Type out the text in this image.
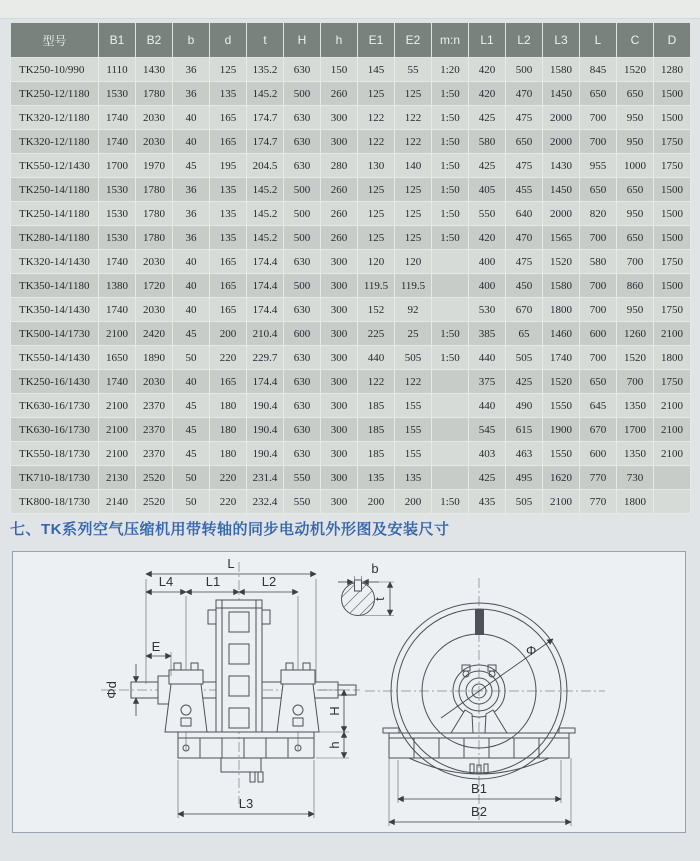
型号	B1	B2	b	d	t	H	h	E1	E2	m:n	L1	L2	L3	L	C	D
TK250-10/990	1110	1430	36	125	135.2	630	150	145	55	1:20	420	500	1580	845	1520	1280
TK250-12/1180	1530	1780	36	135	145.2	500	260	125	125	1:50	420	470	1450	650	650	1500
TK320-12/1180	1740	2030	40	165	174.7	630	300	122	122	1:50	425	475	2000	700	950	1500
TK320-12/1180	1740	2030	40	165	174.7	630	300	122	122	1:50	580	650	2000	700	950	1750
TK550-12/1430	1700	1970	45	195	204.5	630	280	130	140	1:50	425	475	1430	955	1000	1750
TK250-14/1180	1530	1780	36	135	145.2	500	260	125	125	1:50	405	455	1450	650	650	1500
TK250-14/1180	1530	1780	36	135	145.2	500	260	125	125	1:50	550	640	2000	820	950	1500
TK280-14/1180	1530	1780	36	135	145.2	500	260	125	125	1:50	420	470	1565	700	650	1500
TK320-14/1430	1740	2030	40	165	174.4	630	300	120	120		400	475	1520	580	700	1750
TK350-14/1180	1380	1720	40	165	174.4	500	300	119.5	119.5		400	450	1580	700	860	1500
TK350-14/1430	1740	2030	40	165	174.4	630	300	152	92		530	670	1800	700	950	1750
TK500-14/1730	2100	2420	45	200	210.4	600	300	225	25	1:50	385	65	1460	600	1260	2100
TK550-14/1430	1650	1890	50	220	229.7	630	300	440	505	1:50	440	505	1740	700	1520	1800
TK250-16/1430	1740	2030	40	165	174.4	630	300	122	122		375	425	1520	650	700	1750
TK630-16/1730	2100	2370	45	180	190.4	630	300	185	155		440	490	1550	645	1350	2100
TK630-16/1730	2100	2370	45	180	190.4	630	300	185	155		545	615	1900	670	1700	2100
TK550-18/1730	2100	2370	45	180	190.4	630	300	185	155		403	463	1550	600	1350	2100
TK710-18/1730	2130	2520	50	220	231.4	550	300	135	135		425	495	1620	770	730	
TK800-18/1730	2140	2520	50	220	232.4	550	300	200	200	1:50	435	505	2100	770	1800	
七、TK系列空气压缩机用带转轴的同步电动机外形图及安装尺寸
L
L4	L1	L2
E
Φd
H
h
L3
b
t
Φ
B1
B2
